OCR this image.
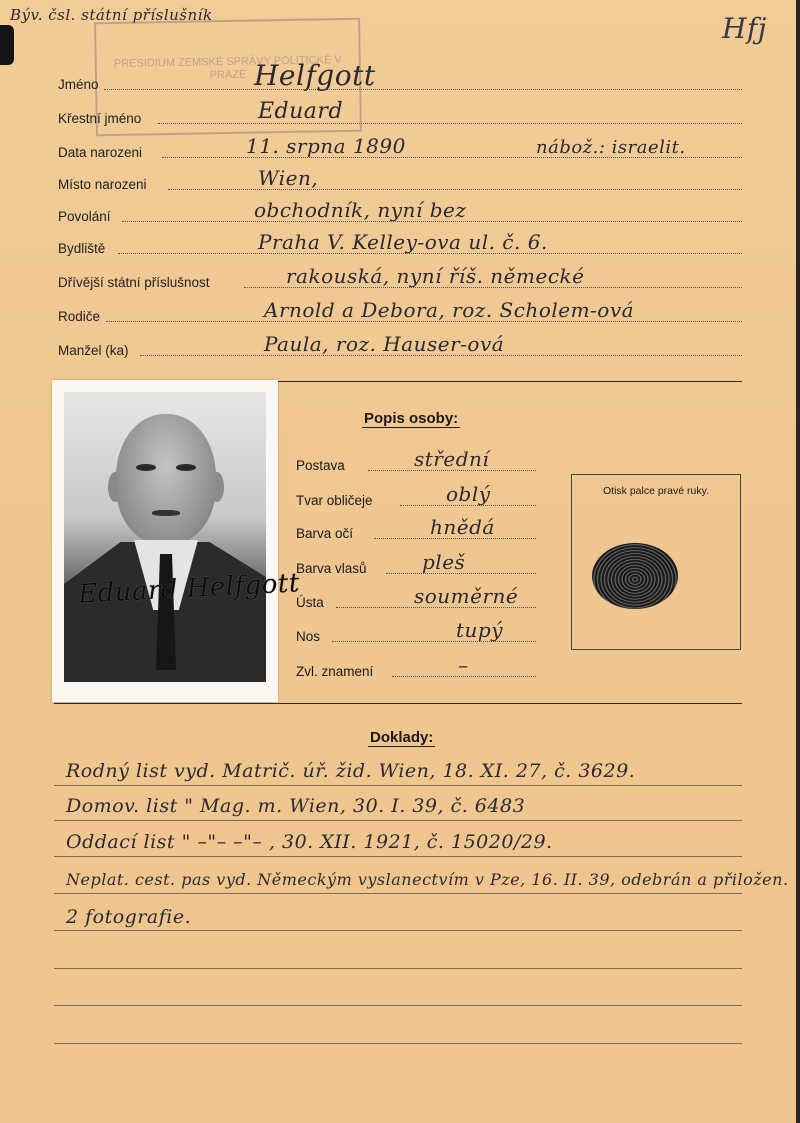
Býv. čsl. státní příslušník	Hfj
PRESIDIUM ZEMSKÉ SPRÁVY POLITICKÉ V PRAZE
Jméno	Helfgott
Křestní jméno	Eduard
Data narozeni	11. srpna 1890	nábož.: israelit.
Místo narozeni	Wien,
Povolání	obchodník, nyní bez
Bydliště	Praha V. Kelley-ova ul. č. 6.
Dřívější státní příslušnost	rakouská, nyní říš. německé
Rodiče	Arnold a Debora, roz. Scholem-ová
Manžel (ka)	Paula, roz. Hauser-ová
Eduard Helfgott
Popis osoby:
Postava	střední
Tvar obličeje	oblý
Barva očí	hnědá
Barva vlasů	pleš
Ústa	souměrné
Nos	tupý
Zvl. znamení	–
Otisk palce pravé ruky.
Doklady:
Rodný list vyd. Matrič. úř. žid. Wien, 18. XI. 27, č. 3629.
Domov. list " Mag. m. Wien, 30. I. 39, č. 6483
Oddací list " –"– –"– , 30. XII. 1921, č. 15020/29.
Neplat. cest. pas vyd. Německým vyslanectvím v Pze, 16. II. 39, odebrán a přiložen.
2 fotografie.
